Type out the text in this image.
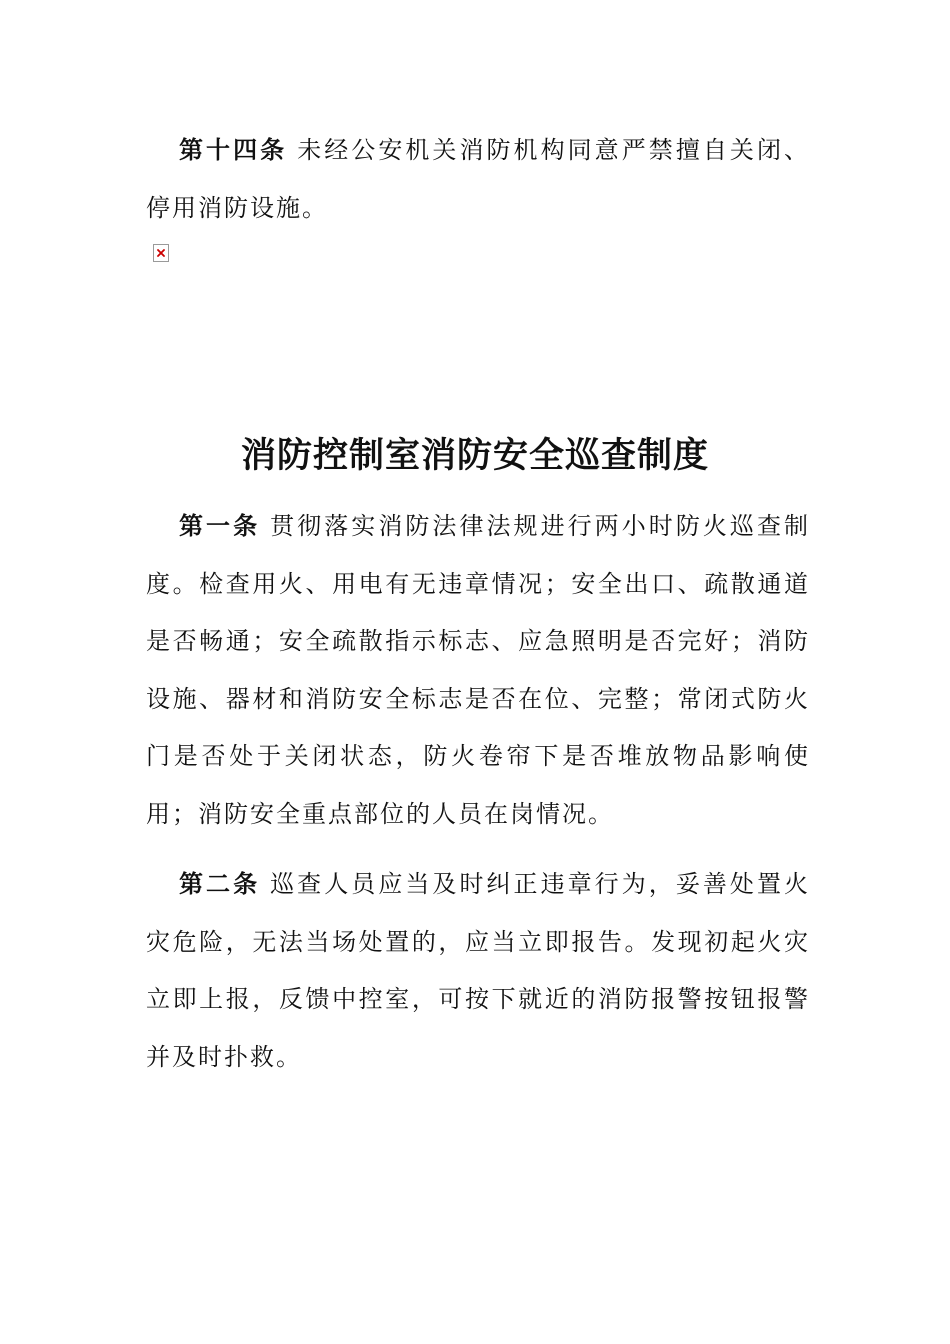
第十四条 未经公安机关消防机构同意严禁擅自关闭、停用消防设施。

消防控制室消防安全巡查制度

第一条 贯彻落实消防法律法规进行两小时防火巡查制度。检查用火、用电有无违章情况；安全出口、疏散通道是否畅通；安全疏散指示标志、应急照明是否完好；消防设施、器材和消防安全标志是否在位、完整；常闭式防火门是否处于关闭状态，防火卷帘下是否堆放物品影响使用；消防安全重点部位的人员在岗情况。

第二条 巡查人员应当及时纠正违章行为，妥善处置火灾危险，无法当场处置的，应当立即报告。发现初起火灾立即上报，反馈中控室，可按下就近的消防报警按钮报警并及时扑救。
